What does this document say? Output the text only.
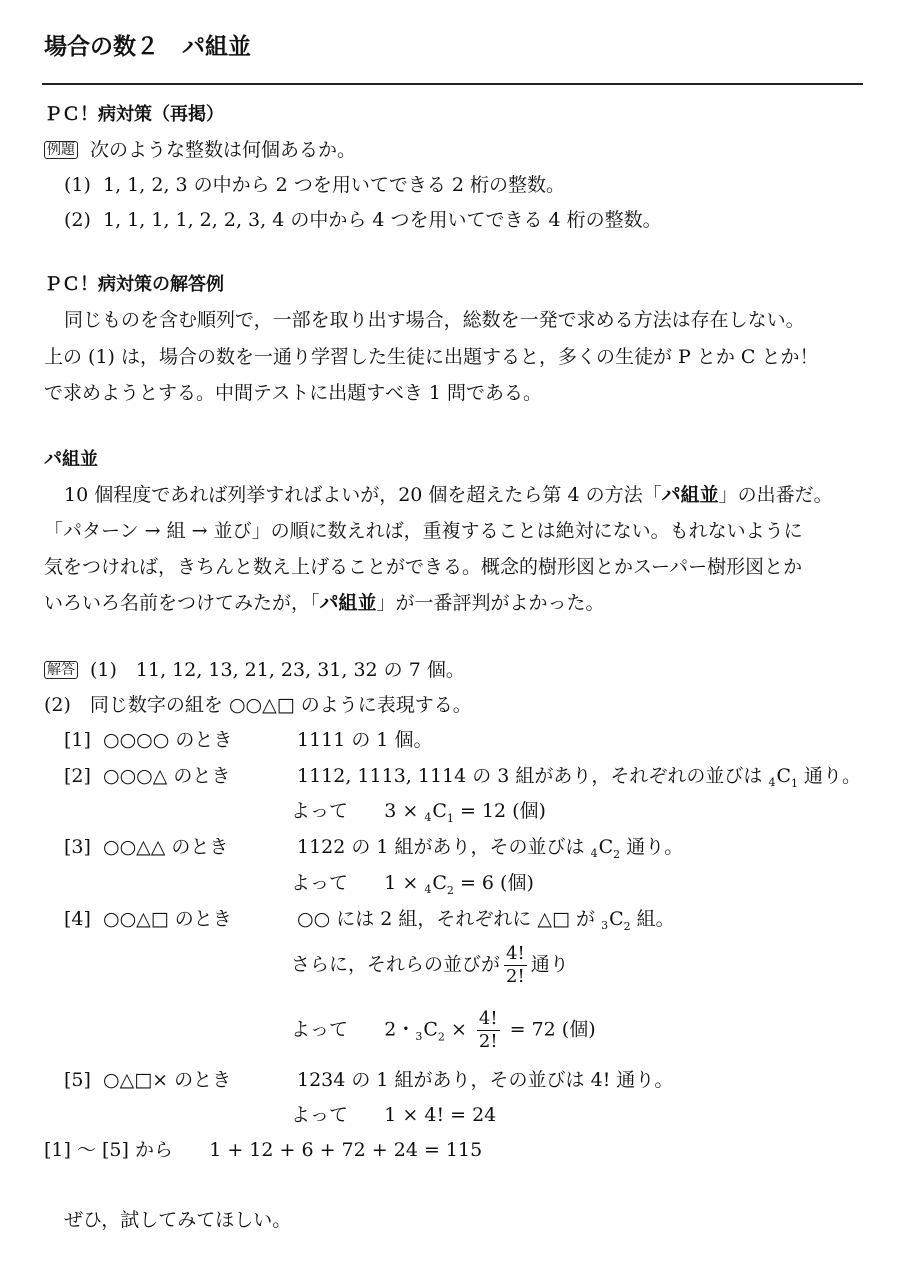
場合の数２　パ組並
ＰＣ！病対策（再掲）
例題 次のような整数は何個あるか。
(1) 1, 1, 2, 3 の中から 2 つを用いてできる 2 桁の整数。
(2) 1, 1, 1, 1, 2, 2, 3, 4 の中から 4 つを用いてできる 4 桁の整数。
ＰＣ！病対策の解答例
同じものを含む順列で，一部を取り出す場合，総数を一発で求める方法は存在しない。
上の (1) は，場合の数を一通り学習した生徒に出題すると，多くの生徒が P とか C とか！
で求めようとする。中間テストに出題すべき 1 問である。
パ組並
10 個程度であれば列挙すればよいが，20 個を超えたら第 4 の方法「パ組並」の出番だ。
「パターン → 組 → 並び」の順に数えれば，重複することは絶対にない。もれないように
気をつければ，きちんと数え上げることができる。概念的樹形図とかスーパー樹形図とか
いろいろ名前をつけてみたが，「パ組並」が一番評判がよかった。
解答 (1)　11, 12, 13, 21, 23, 31, 32 の 7 個。
(2)　同じ数字の組を ○○△□ のように表現する。
[1] ○○○○ のとき	1111 の 1 個。
[2] ○○○△ のとき	1112, 1113, 1114 の 3 組があり，それぞれの並びは $_4C_1$ 通り。
よって $3 \times _4C_1 = 12$ (個)
[3] ○○△△ のとき	1122 の 1 組があり，その並びは $_4C_2$ 通り。
よって $1 \times _4C_2 = 6$ (個)
[4] ○○△□ のとき	○○ には 2 組，それぞれに △□ が $_3C_2$ 組。
さらに，それらの並びが $\frac{4!}{2!}$ 通り
よって 2・$_3C_2 \times \frac{4!}{2!} = 72$ (個)
[5] ○△□× のとき	1234 の 1 組があり，その並びは 4! 通り。
よって 1 × 4! = 24
[1] 〜 [5] から 1 + 12 + 6 + 72 + 24 = 115
ぜひ，試してみてほしい。
